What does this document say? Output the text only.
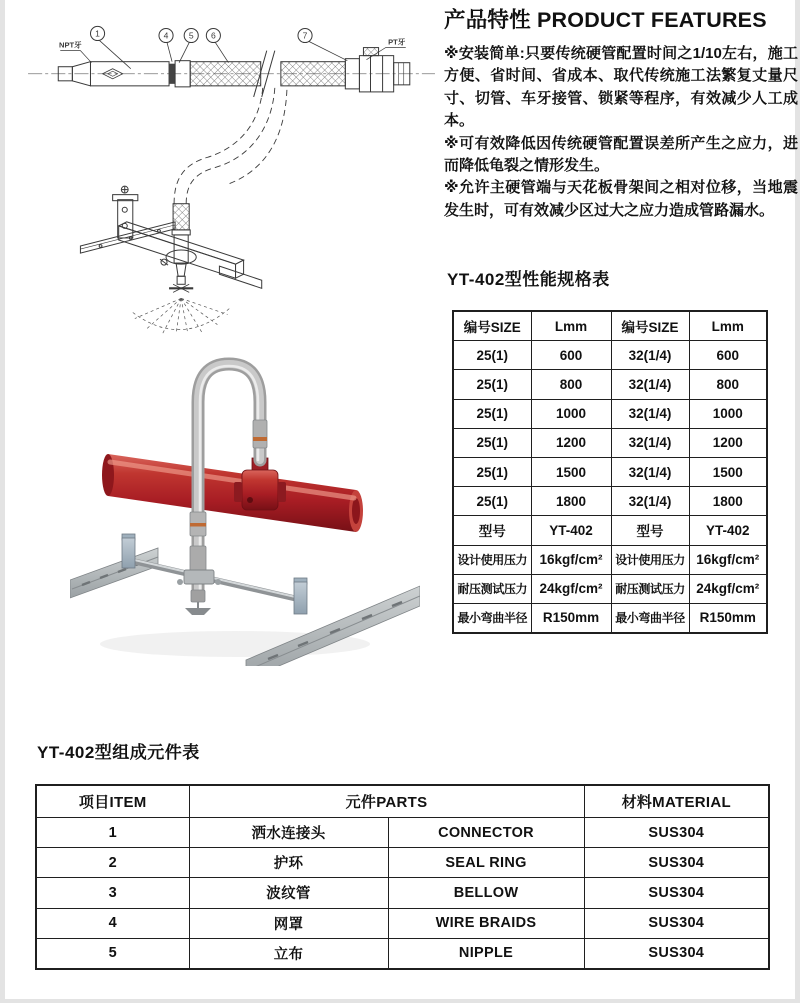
1	4 5 6	7
NPT牙	PT牙
产品特性 PRODUCT FEATURES

※安装简单:只要传统硬管配置时间之1/10左右，施工方便、省时间、省成本、取代传统施工法繁复丈量尺寸、切管、车牙接管、锁紧等程序，有效减少人工成本。

※可有效降低因传统硬管配置误差所产生之应力，进而降低龟裂之情形发生。

※允许主硬管端与天花板骨架间之相对位移，当地震发生时，可有效减少区过大之应力造成管路漏水。

YT-402型性能规格表
编号SIZE	Lmm	编号SIZE	Lmm
25(1)	600	32(1/4)	600
25(1)	800	32(1/4)	800
25(1)	1000	32(1/4)	1000
25(1)	1200	32(1/4)	1200
25(1)	1500	32(1/4)	1500
25(1)	1800	32(1/4)	1800
型号	YT-402	型号	YT-402
设计使用压力	16kgf/cm²	设计使用压力	16kgf/cm²
耐压测试压力	24kgf/cm²	耐压测试压力	24kgf/cm²
最小弯曲半径	R150mm	最小弯曲半径	R150mm
YT-402型组成元件表
项目ITEM	元件PARTS		材料MATERIAL
1	洒水连接头	CONNECTOR	SUS304
2	护环	SEAL RING	SUS304
3	波纹管	BELLOW	SUS304
4	网罩	WIRE BRAIDS	SUS304
5	立布	NIPPLE	SUS304
